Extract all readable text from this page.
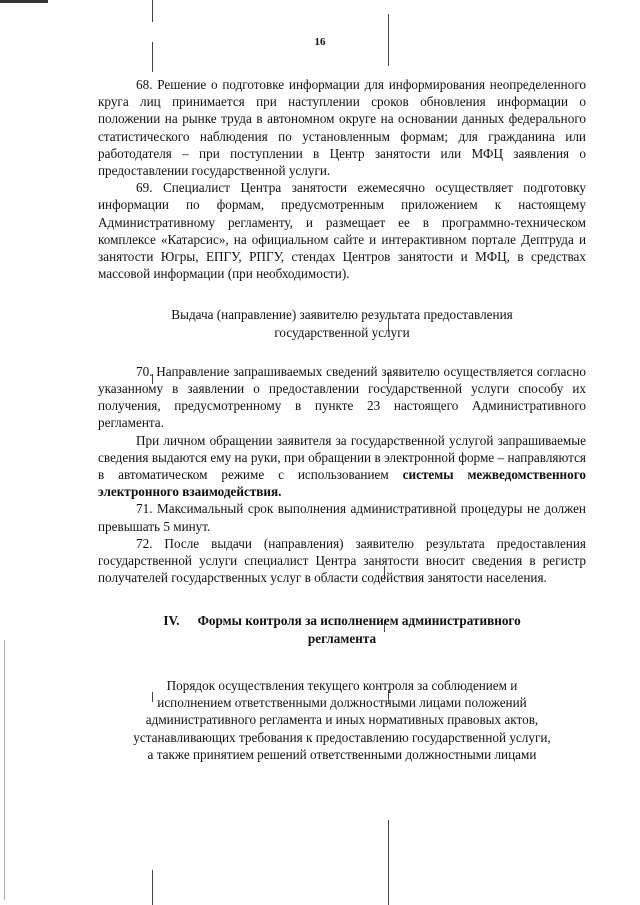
16

68. Решение о подготовке информации для информирования неопределенного круга лиц принимается при наступлении сроков обновления информации о положении на рынке труда в автономном округе на основании данных федерального статистического наблюдения по установленным формам; для гражданина или работодателя – при поступлении в Центр занятости или МФЦ заявления о предоставлении государственной услуги.

69. Специалист Центра занятости ежемесячно осуществляет подготовку информации по формам, предусмотренным приложением к настоящему Административному регламенту, и размещает ее в программно-техническом комплексе «Катарсис», на официальном сайте и интерактивном портале Дептруда и занятости Югры, ЕПГУ, РПГУ, стендах Центров занятости и МФЦ, в средствах массовой информации (при необходимости).

Выдача (направление) заявителю результата предоставления
государственной услуги

70. Направление запрашиваемых сведений заявителю осуществляется согласно указанному в заявлении о предоставлении государственной услуги способу их получения, предусмотренному в пункте 23 настоящего Административного регламента.

При личном обращении заявителя за государственной услугой запрашиваемые сведения выдаются ему на руки, при обращении в электронной форме – направляются в автоматическом режиме с использованием системы межведомственного электронного взаимодействия.

71. Максимальный срок выполнения административной процедуры не должен превышать 5 минут.

72. После выдачи (направления) заявителю результата предоставления государственной услуги специалист Центра занятости вносит сведения в регистр получателей государственных услуг в области содействия занятости населения.

IV. Формы контроля за исполнением административного
регламента
Порядок осуществления текущего контроля за соблюдением и
исполнением ответственными должностными лицами положений
административного регламента и иных нормативных правовых актов,
устанавливающих требования к предоставлению государственной услуги,
а также принятием решений ответственными должностными лицами
